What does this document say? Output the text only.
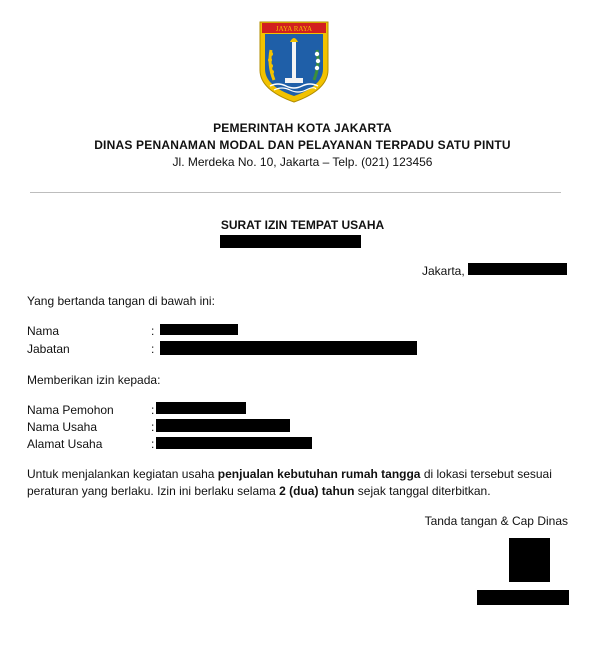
JAYA RAYA
PEMERINTAH KOTA JAKARTA
DINAS PENANAMAN MODAL DAN PELAYANAN TERPADU SATU PINTU
Jl. Merdeka No. 10, Jakarta – Telp. (021) 123456
SURAT IZIN TEMPAT USAHA
Jakarta,
Yang bertanda tangan di bawah ini:
Nama	:
Jabatan	:
Memberikan izin kepada:
Nama Pemohon	:
Nama Usaha	:
Alamat Usaha	:
Untuk menjalankan kegiatan usaha penjualan kebutuhan rumah tangga di lokasi tersebut sesuai peraturan yang berlaku. Izin ini berlaku selama 2 (dua) tahun sejak tanggal diterbitkan.
Tanda tangan & Cap Dinas
